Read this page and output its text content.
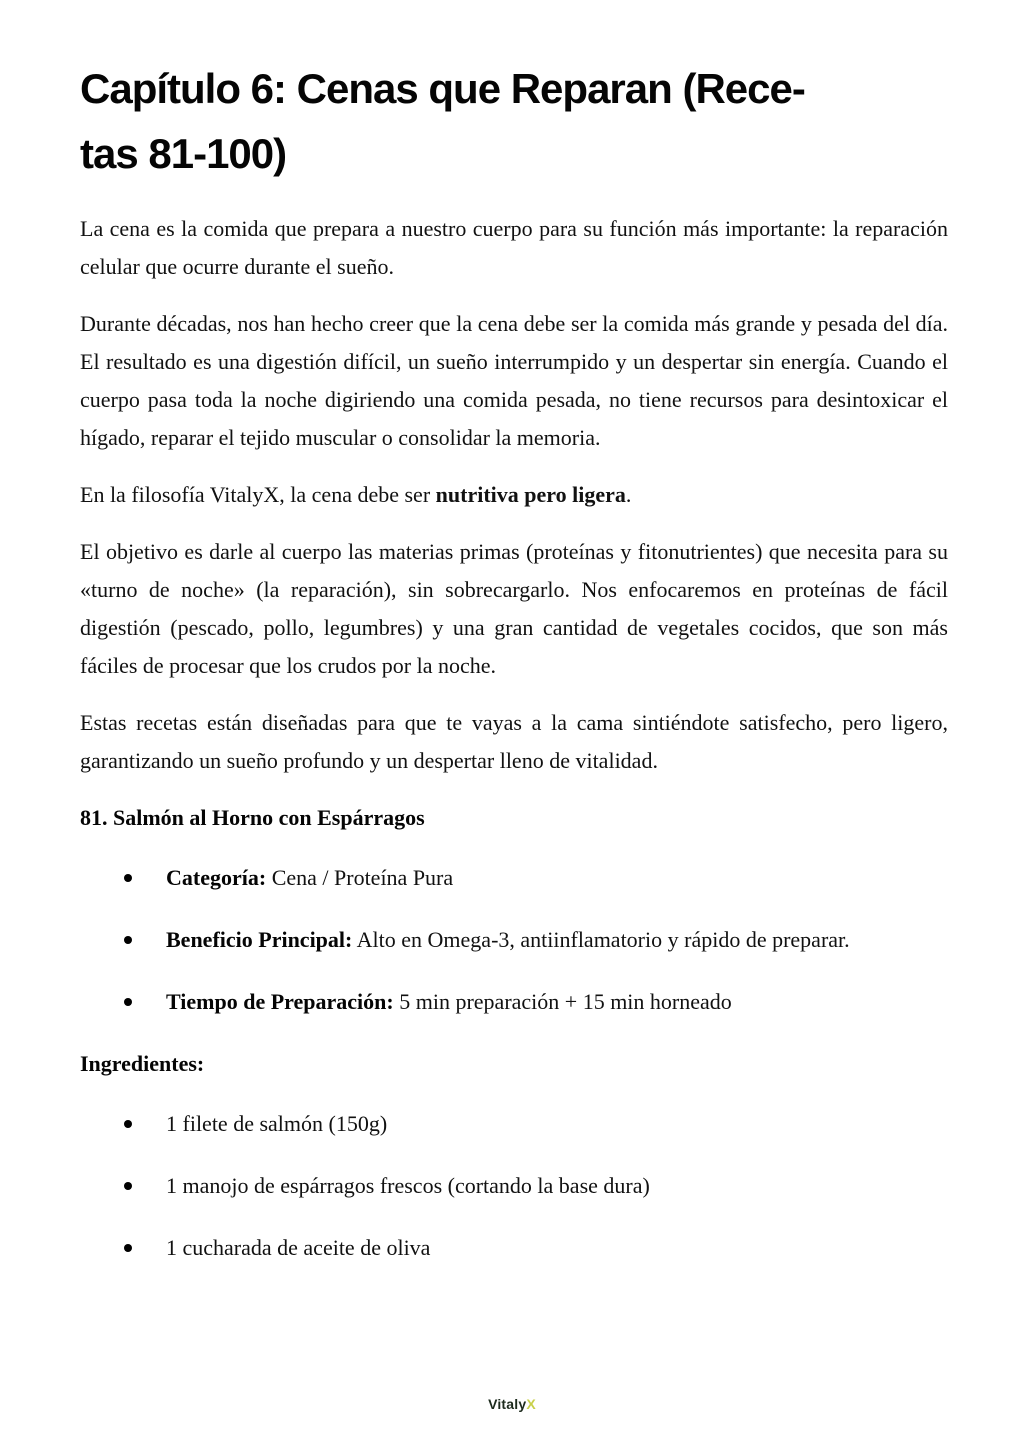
Capítulo 6: Cenas que Reparan (Rece-
tas 81-100)

La cena es la comida que prepara a nuestro cuerpo para su función más importante: la reparación celular que ocurre durante el sueño.

Durante décadas, nos han hecho creer que la cena debe ser la comida más grande y pesada del día. El resultado es una digestión difícil, un sueño interrumpido y un despertar sin energía. Cuando el cuerpo pasa toda la noche digiriendo una comida pesada, no tiene recursos para desintoxicar el hígado, reparar el tejido muscular o consolidar la memoria.

En la filosofía VitalyX, la cena debe ser nutritiva pero ligera.

El objetivo es darle al cuerpo las materias primas (proteínas y fitonutrientes) que necesita para su «turno de noche» (la reparación), sin sobrecargarlo. Nos enfocaremos en proteínas de fácil digestión (pescado, pollo, legumbres) y una gran cantidad de vegetales cocidos, que son más fáciles de procesar que los crudos por la noche.

Estas recetas están diseñadas para que te vayas a la cama sintiéndote satisfecho, pero ligero, garantizando un sueño profundo y un despertar lleno de vitalidad.

81. Salmón al Horno con Espárragos
Categoría: Cena / Proteína Pura
Beneficio Principal: Alto en Omega-3, antiinflamatorio y rápido de preparar.
Tiempo de Preparación: 5 min preparación + 15 min horneado
Ingredientes:
1 filete de salmón (150g)
1 manojo de espárragos frescos (cortando la base dura)
1 cucharada de aceite de oliva
VitalyX
